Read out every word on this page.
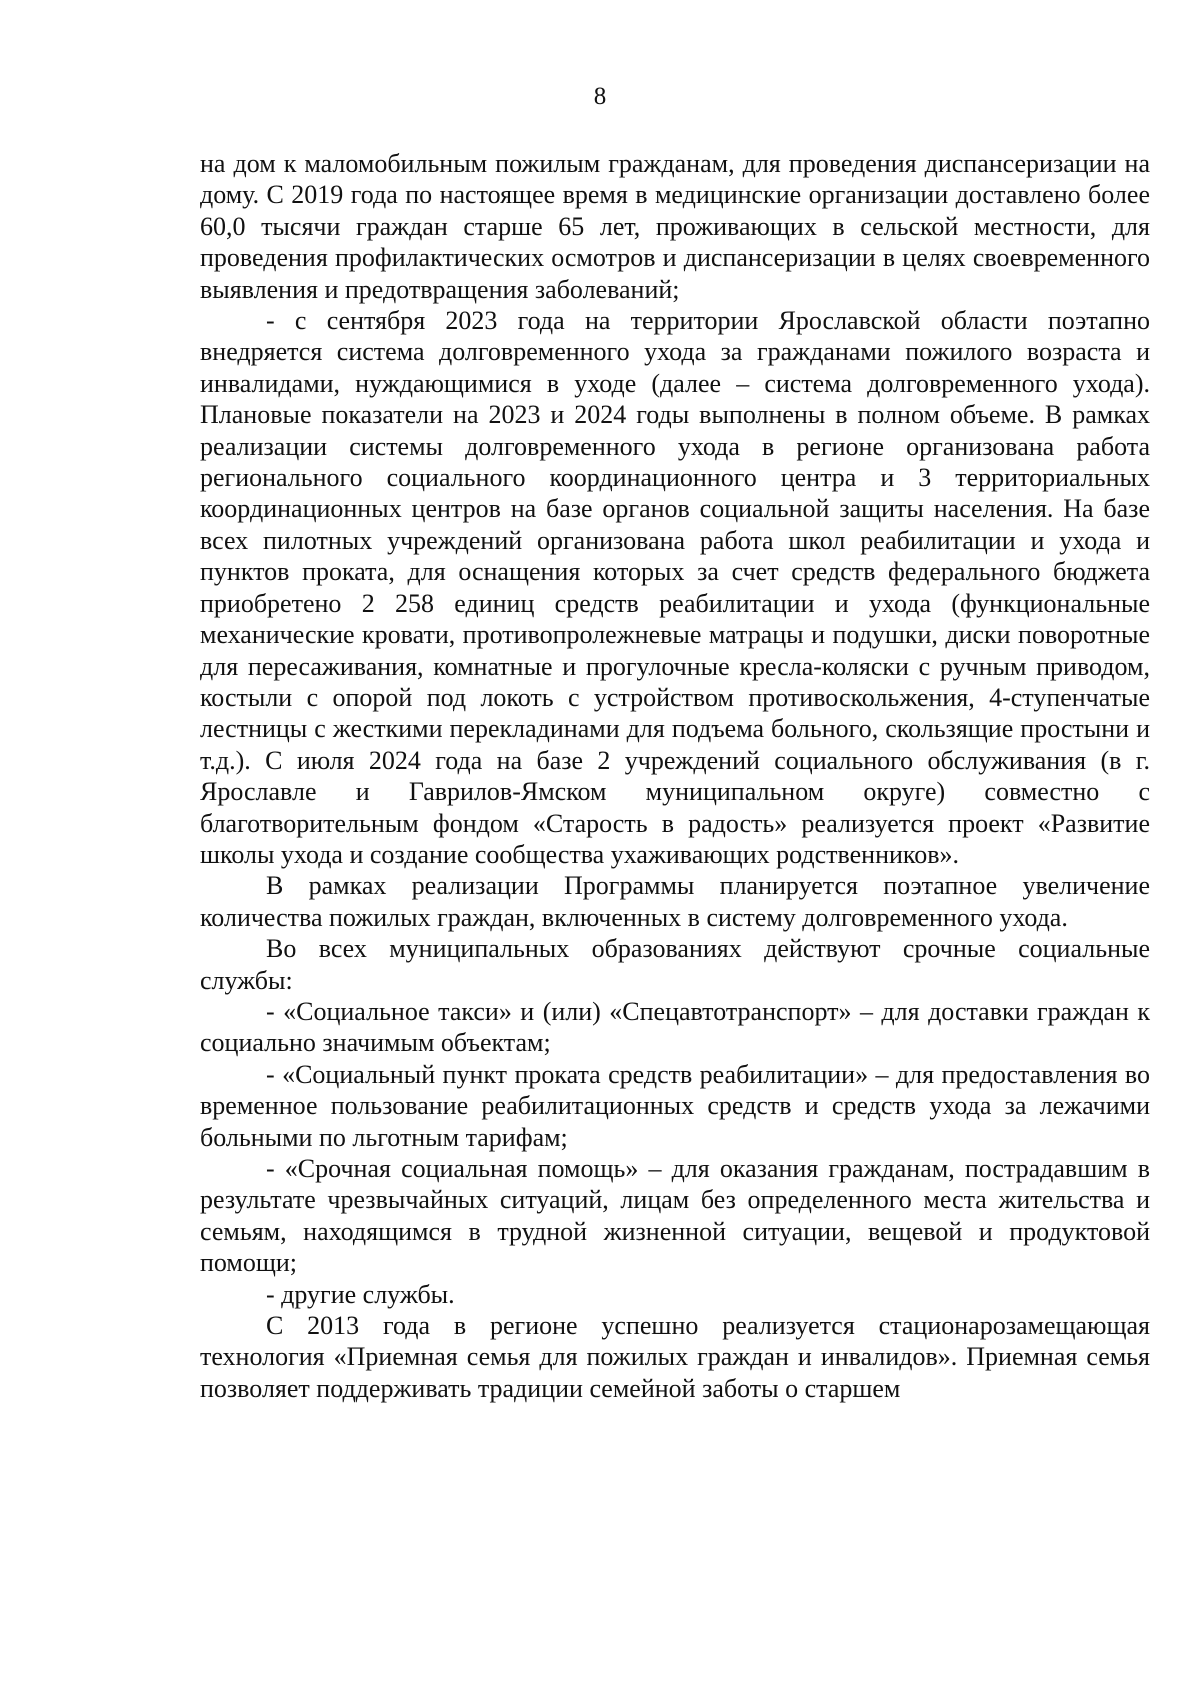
8

на дом к маломобильным пожилым гражданам, для проведения диспансеризации на дому. С 2019 года по настоящее время в медицинские организации доставлено более 60,0 тысячи граждан старше 65 лет, проживающих в сельской местности, для проведения профилактических осмотров и диспансеризации в целях своевременного выявления и предотвращения заболеваний;

- с сентября 2023 года на территории Ярославской области поэтапно внедряется система долговременного ухода за гражданами пожилого возраста и инвалидами, нуждающимися в уходе (далее – система долговременного ухода). Плановые показатели на 2023 и 2024 годы выполнены в полном объеме. В рамках реализации системы долговременного ухода в регионе организована работа регионального социального координационного центра и 3 территориальных координационных центров на базе органов социальной защиты населения. На базе всех пилотных учреждений организована работа школ реабилитации и ухода и пунктов проката, для оснащения которых за счет средств федерального бюджета приобретено 2 258 единиц средств реабилитации и ухода (функциональные механические кровати, противопролежневые матрацы и подушки, диски поворотные для пересаживания, комнатные и прогулочные кресла-коляски с ручным приводом, костыли с опорой под локоть с устройством противоскольжения, 4-ступенчатые лестницы с жесткими перекладинами для подъема больного, скользящие простыни и т.д.). С июля 2024 года на базе 2 учреждений социального обслуживания (в г. Ярославле и Гаврилов-Ямском муниципальном округе) совместно с благотворительным фондом «Старость в радость» реализуется проект «Развитие школы ухода и создание сообщества ухаживающих родственников».

В рамках реализации Программы планируется поэтапное увеличение количества пожилых граждан, включенных в систему долговременного ухода.

Во всех муниципальных образованиях действуют срочные социальные службы:

- «Социальное такси» и (или) «Спецавтотранспорт» – для доставки граждан к социально значимым объектам;

- «Социальный пункт проката средств реабилитации» – для предоставления во временное пользование реабилитационных средств и средств ухода за лежачими больными по льготным тарифам;

- «Срочная социальная помощь» – для оказания гражданам, пострадавшим в результате чрезвычайных ситуаций, лицам без определенного места жительства и семьям, находящимся в трудной жизненной ситуации, вещевой и продуктовой помощи;

- другие службы.

С 2013 года в регионе успешно реализуется стационарозамещающая технология «Приемная семья для пожилых граждан и инвалидов». Приемная семья позволяет поддерживать традиции семейной заботы о старшем
